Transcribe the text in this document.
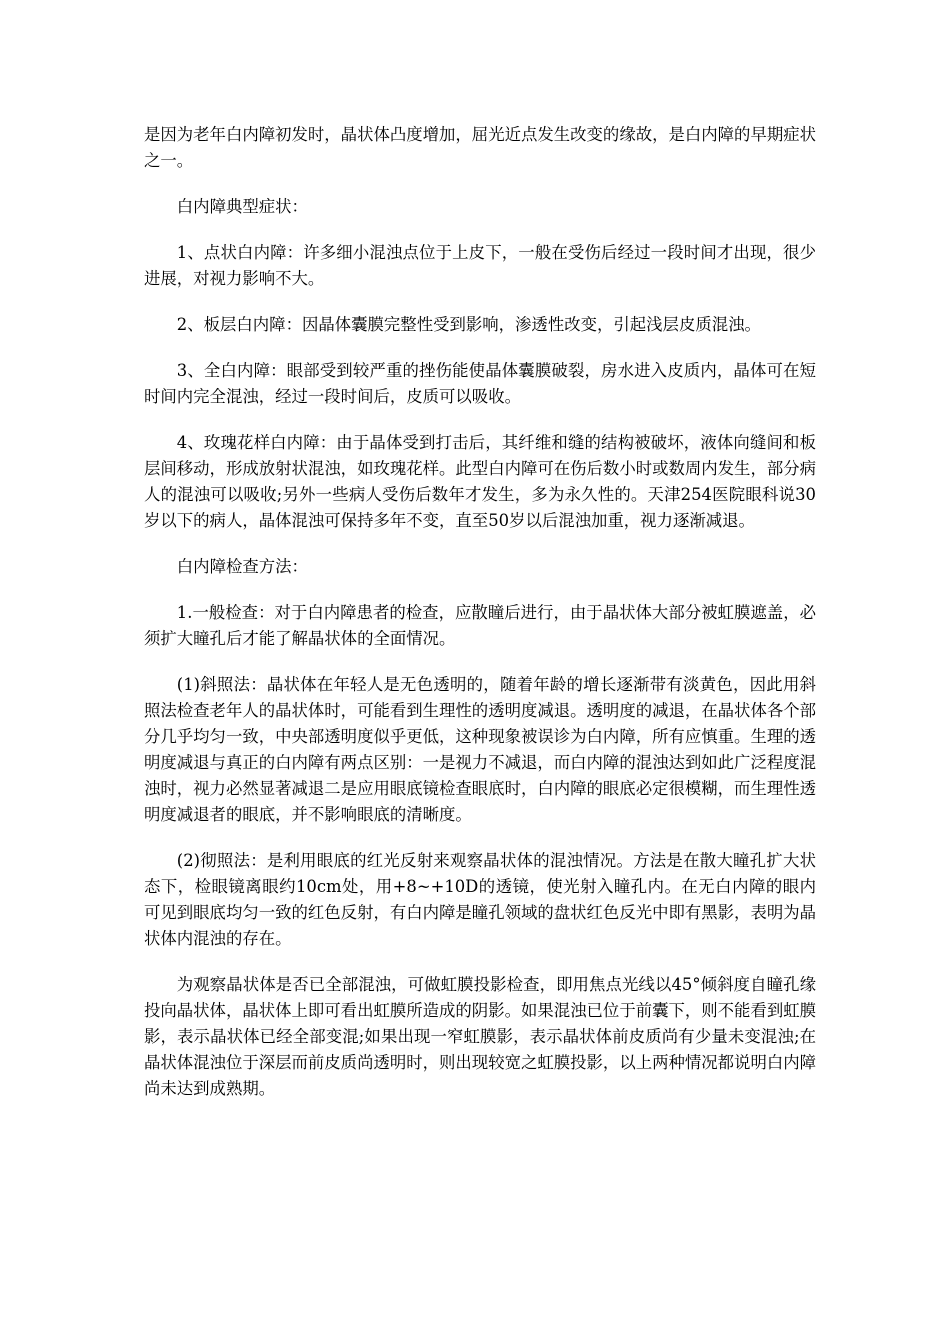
是因为老年白内障初发时，晶状体凸度增加，屈光近点发生改变的缘故，是白内障的早期症状之一。

白内障典型症状：

1、点状白内障：许多细小混浊点位于上皮下，一般在受伤后经过一段时间才出现，很少进展，对视力影响不大。

2、板层白内障：因晶体囊膜完整性受到影响，渗透性改变，引起浅层皮质混浊。

3、全白内障：眼部受到较严重的挫伤能使晶体囊膜破裂，房水进入皮质内，晶体可在短时间内完全混浊，经过一段时间后，皮质可以吸收。

4、玫瑰花样白内障：由于晶体受到打击后，其纤维和缝的结构被破坏，液体向缝间和板层间移动，形成放射状混浊，如玫瑰花样。此型白内障可在伤后数小时或数周内发生，部分病人的混浊可以吸收;另外一些病人受伤后数年才发生，多为永久性的。天津254医院眼科说30岁以下的病人，晶体混浊可保持多年不变，直至50岁以后混浊加重，视力逐渐减退。

白内障检查方法：

1.一般检查：对于白内障患者的检查，应散瞳后进行，由于晶状体大部分被虹膜遮盖，必须扩大瞳孔后才能了解晶状体的全面情况。

(1)斜照法：晶状体在年轻人是无色透明的，随着年龄的增长逐渐带有淡黄色，因此用斜照法检查老年人的晶状体时，可能看到生理性的透明度减退。透明度的减退，在晶状体各个部分几乎均匀一致，中央部透明度似乎更低，这种现象被误诊为白内障，所有应慎重。生理的透明度减退与真正的白内障有两点区别：一是视力不减退，而白内障的混浊达到如此广泛程度混浊时，视力必然显著减退二是应用眼底镜检查眼底时，白内障的眼底必定很模糊，而生理性透明度减退者的眼底，并不影响眼底的清晰度。

(2)彻照法：是利用眼底的红光反射来观察晶状体的混浊情况。方法是在散大瞳孔扩大状态下，检眼镜离眼约10cm处，用+8~+10D的透镜，使光射入瞳孔内。在无白内障的眼内可见到眼底均匀一致的红色反射，有白内障是瞳孔领域的盘状红色反光中即有黑影，表明为晶状体内混浊的存在。

为观察晶状体是否已全部混浊，可做虹膜投影检查，即用焦点光线以45°倾斜度自瞳孔缘投向晶状体，晶状体上即可看出虹膜所造成的阴影。如果混浊已位于前囊下，则不能看到虹膜影，表示晶状体已经全部变混;如果出现一窄虹膜影，表示晶状体前皮质尚有少量未变混浊;在晶状体混浊位于深层而前皮质尚透明时，则出现较宽之虹膜投影，以上两种情况都说明白内障尚未达到成熟期。
